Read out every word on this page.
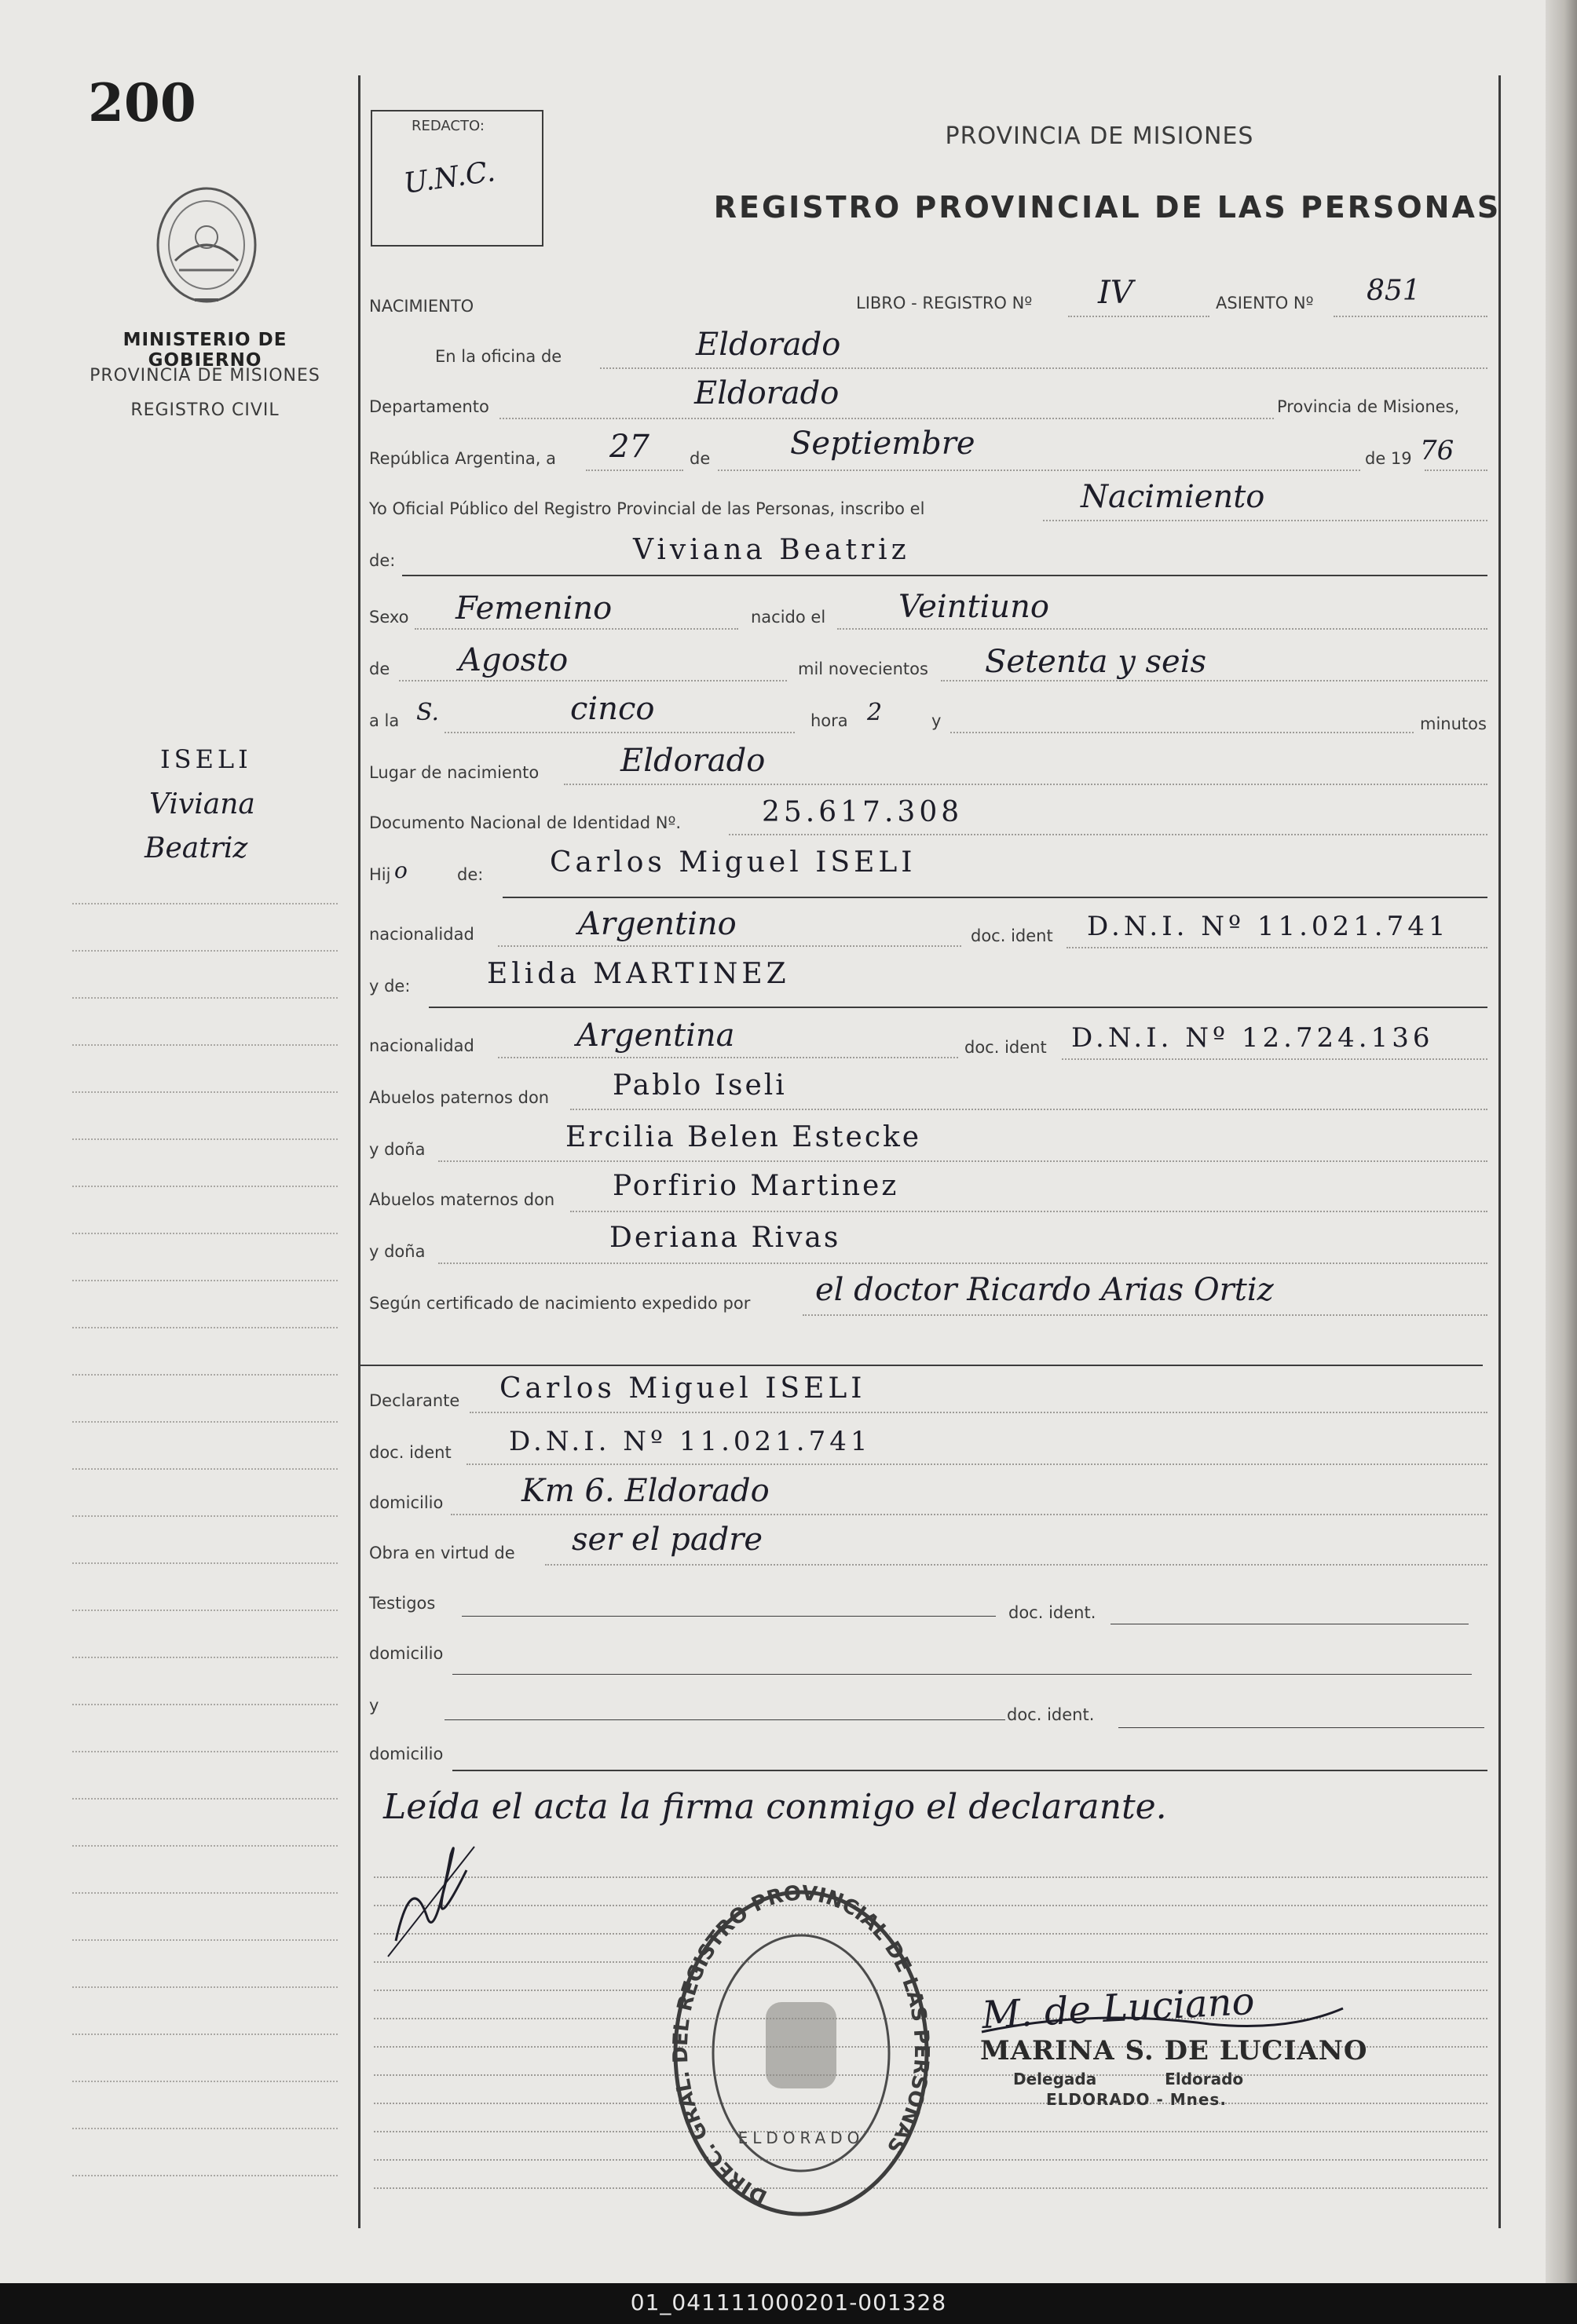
200
MINISTERIO DE GOBIERNO
PROVINCIA DE MISIONES
REGISTRO CIVIL
ISELI
Viviana
Beatriz
REDACTO:
U.N.C.
PROVINCIA DE MISIONES
REGISTRO PROVINCIAL DE LAS PERSONAS
NACIMIENTO	LIBRO - REGISTRO Nº IV	ASIENTO Nº 851
En la oficina de	Eldorado
Departamento	Eldorado	Provincia de Misiones,
República Argentina, a 27 de	Septiembre	de 19 76
Yo Oficial Público del Registro Provincial de las Personas, inscribo el	Nacimiento
de:	Viviana Beatriz
Sexo Femenino	nacido el Veintiuno
de Agosto	mil novecientos Setenta y seis
a la S.	cinco	hora 2	y	minutos
Lugar de nacimiento	Eldorado
Documento Nacional de Identidad Nº.	25.617.308
Hij o	de: Carlos Miguel ISELI
nacionalidad	Argentino	doc. ident D.N.I. Nº 11.021.741
y de:	Elida MARTINEZ
nacionalidad	Argentina	doc. ident D.N.I. Nº 12.724.136
Abuelos paternos don Pablo Iseli
y doña	Ercilia Belen Estecke
Abuelos maternos don Porfirio Martinez
y doña	Deriana Rivas
Según certificado de nacimiento expedido por el doctor Ricardo Arias Ortiz
Declarante Carlos Miguel ISELI
doc. ident D.N.I. Nº 11.021.741
domicilio Km 6. Eldorado
Obra en virtud de ser el padre
Testigos	doc. ident.
domicilio
y	doc. ident.
domicilio
Leída el acta la firma conmigo el declarante.
DIREC. GRAL. DEL REGISTRO PROVINCIAL DE LAS PERSONAS
ELDORADO
M. de Luciano
MARINA S. DE LUCIANO
Delegada Eldorado
ELDORADO - Mnes.
01_041111000201-001328
